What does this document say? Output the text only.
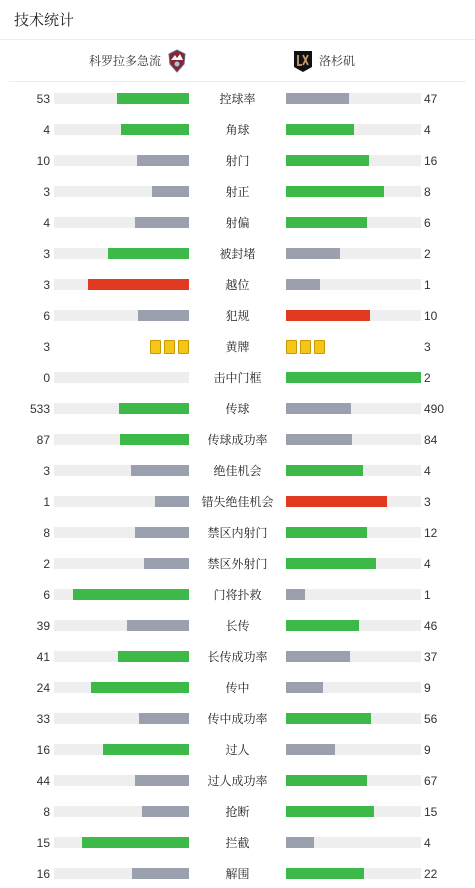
技术统计
科罗拉多急流	洛杉矶
53	控球率	47
4	角球	4
10	射门	16
3	射正	8
4	射偏	6
3	被封堵	2
3	越位	1
6	犯规	10
3	黄牌	3
0	击中门框	2
533	传球	490
87	传球成功率	84
3	绝佳机会	4
1	错失绝佳机会	3
8	禁区内射门	12
2	禁区外射门	4
6	门将扑救	1
39	长传	46
41	长传成功率	37
24	传中	9
33	传中成功率	56
16	过人	9
44	过人成功率	67
8	抢断	15
15	拦截	4
16	解围	22
